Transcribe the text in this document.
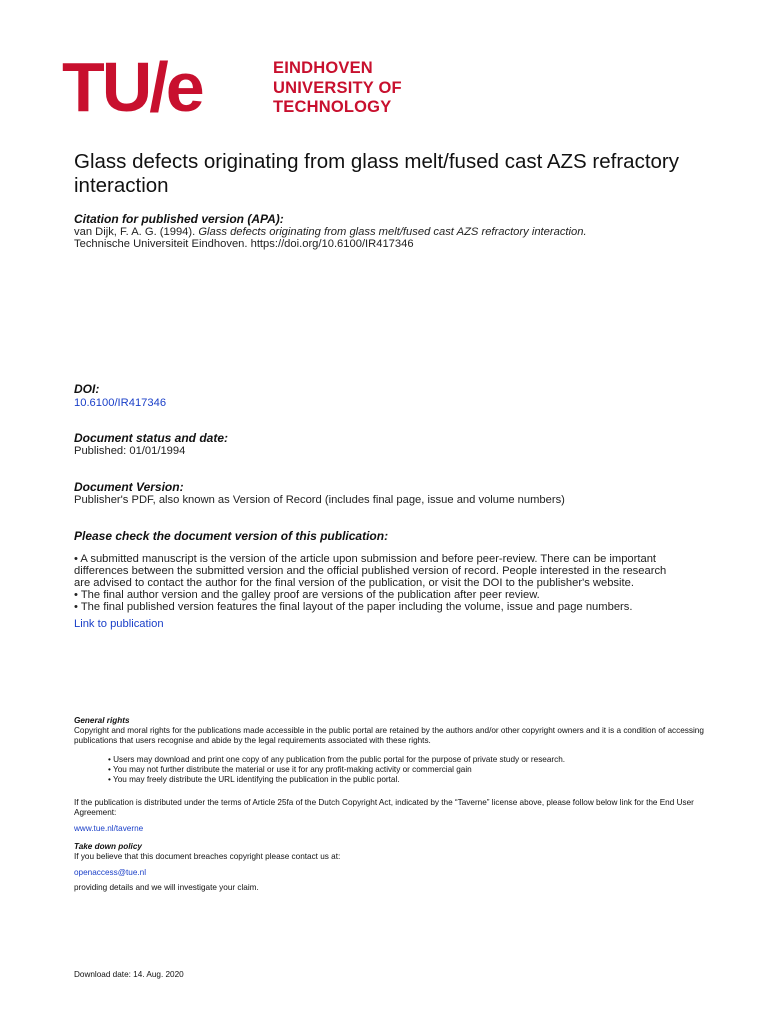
TU/e	EINDHOVEN
UNIVERSITY OF
TECHNOLOGY
Glass defects originating from glass melt/fused cast AZS refractory interaction
Citation for published version (APA):
van Dijk, F. A. G. (1994). Glass defects originating from glass melt/fused cast AZS refractory interaction.
Technische Universiteit Eindhoven. https://doi.org/10.6100/IR417346
DOI:
10.6100/IR417346
Document status and date:
Published: 01/01/1994
Document Version:
Publisher's PDF, also known as Version of Record (includes final page, issue and volume numbers)
Please check the document version of this publication:
• A submitted manuscript is the version of the article upon submission and before peer-review. There can be important differences between the submitted version and the official published version of record. People interested in the research are advised to contact the author for the final version of the publication, or visit the DOI to the publisher's website.
• The final author version and the galley proof are versions of the publication after peer review.
• The final published version features the final layout of the paper including the volume, issue and page numbers.
Link to publication
General rights
Copyright and moral rights for the publications made accessible in the public portal are retained by the authors and/or other copyright owners and it is a condition of accessing publications that users recognise and abide by the legal requirements associated with these rights.
• Users may download and print one copy of any publication from the public portal for the purpose of private study or research.
• You may not further distribute the material or use it for any profit-making activity or commercial gain
• You may freely distribute the URL identifying the publication in the public portal.
If the publication is distributed under the terms of Article 25fa of the Dutch Copyright Act, indicated by the “Taverne” license above, please follow below link for the End User Agreement:
www.tue.nl/taverne
Take down policy
If you believe that this document breaches copyright please contact us at:
openaccess@tue.nl
providing details and we will investigate your claim.
Download date: 14. Aug. 2020
